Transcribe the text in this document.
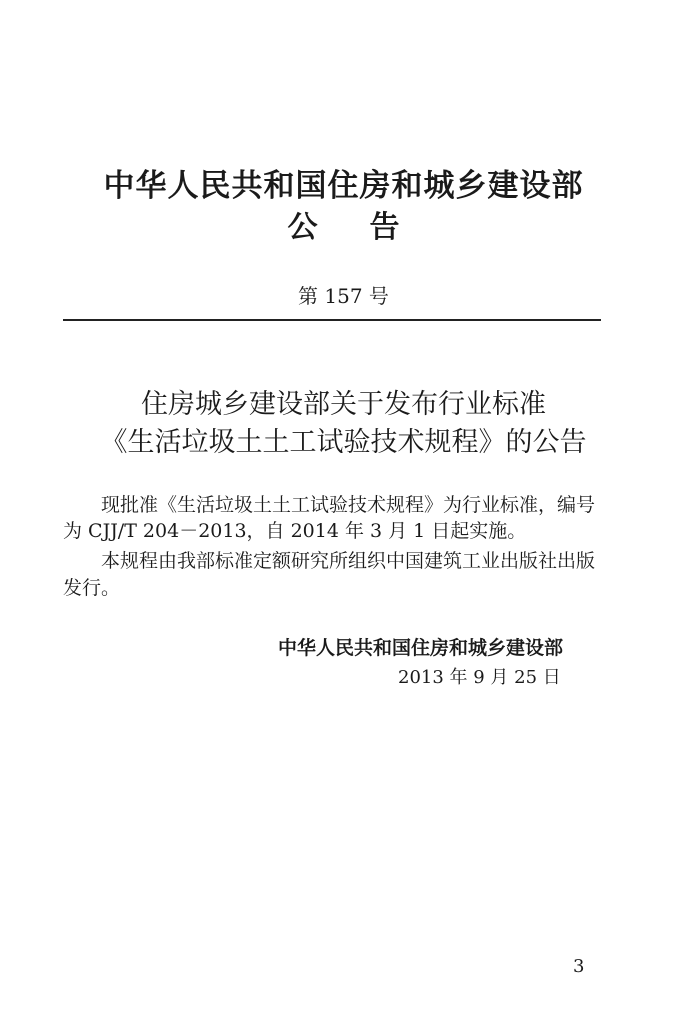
中华人民共和国住房和城乡建设部
公告
第 157 号
住房城乡建设部关于发布行业标准
《生活垃圾土土工试验技术规程》的公告
现批准《生活垃圾土土工试验技术规程》为行业标准，编号
为 CJJ/T 204－2013，自 2014 年 3 月 1 日起实施。
本规程由我部标准定额研究所组织中国建筑工业出版社出版
发行。
中华人民共和国住房和城乡建设部
2013 年 9 月 25 日
3
